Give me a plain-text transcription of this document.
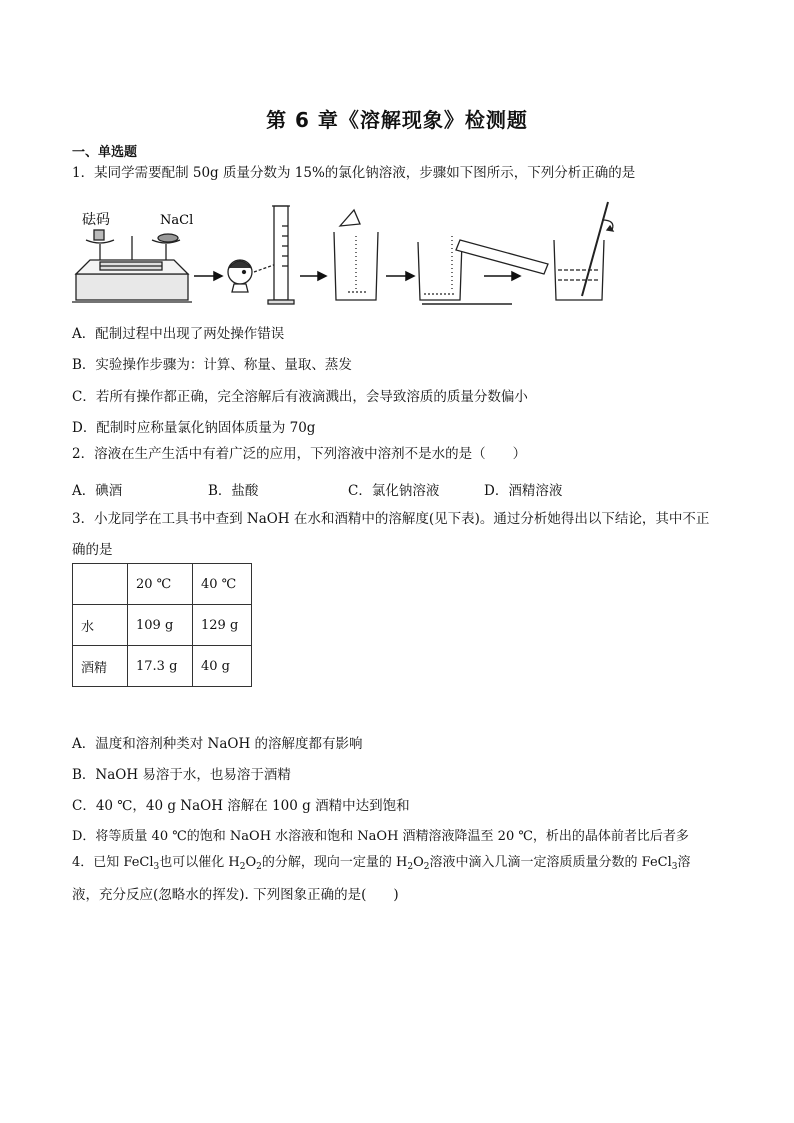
第 6 章《溶解现象》检测题
一、单选题
1．某同学需要配制 50g 质量分数为 15%的氯化钠溶液，步骤如下图所示，下列分析正确的是
砝码	NaCl
A．配制过程中出现了两处操作错误
B．实验操作步骤为：计算、称量、量取、蒸发
C．若所有操作都正确，完全溶解后有液滴溅出，会导致溶质的质量分数偏小
D．配制时应称量氯化钠固体质量为 70g
2．溶液在生产生活中有着广泛的应用，下列溶液中溶剂不是水的是（　　）
A．碘酒	B．盐酸	C．氯化钠溶液	D．酒精溶液
3．小龙同学在工具书中查到 NaOH 在水和酒精中的溶解度(见下表)。通过分析她得出以下结论，其中不正
确的是
	20 ℃	40 ℃
水	109 g	129 g
酒精	17.3 g	40 g
A．温度和溶剂种类对 NaOH 的溶解度都有影响
B．NaOH 易溶于水，也易溶于酒精
C．40 ℃，40 g NaOH 溶解在 100 g 酒精中达到饱和
D．将等质量 40 ℃的饱和 NaOH 水溶液和饱和 NaOH 酒精溶液降温至 20 ℃，析出的晶体前者比后者多
4．已知 FeCl$_3$也可以催化 $H_2O_2$的分解，现向一定量的 $H_2O_2$溶液中滴入几滴一定溶质质量分数的 FeCl$_3$溶
液，充分反应(忽略水的挥发). 下列图象正确的是(　　)
